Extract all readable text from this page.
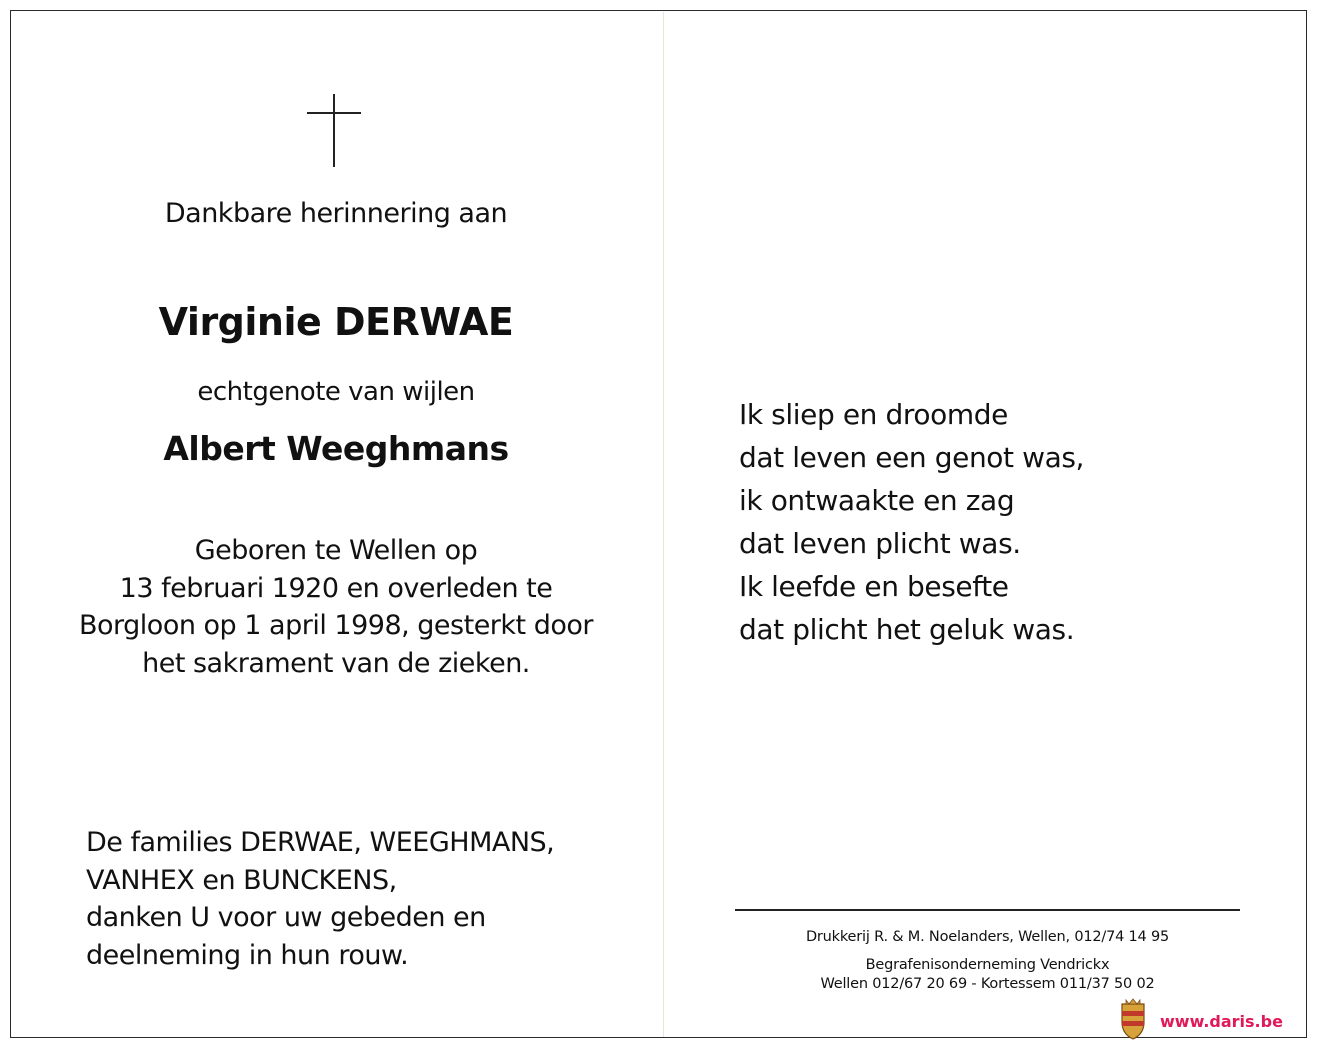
Dankbare herinnering aan
Virginie DERWAE
echtgenote van wijlen
Albert Weeghmans
Geboren te Wellen op
13 februari 1920 en overleden te
Borgloon op 1 april 1998, gesterkt door
het sakrament van de zieken.
De families DERWAE, WEEGHMANS,
VANHEX en BUNCKENS,
danken U voor uw gebeden en
deelneming in hun rouw.
Ik sliep en droomde
dat leven een genot was,
ik ontwaakte en zag
dat leven plicht was.
Ik leefde en besefte
dat plicht het geluk was.
Drukkerij R. & M. Noelanders, Wellen, 012/74 14 95
Begrafenisonderneming Vendrickx
Wellen 012/67 20 69 - Kortessem 011/37 50 02
www.daris.be
